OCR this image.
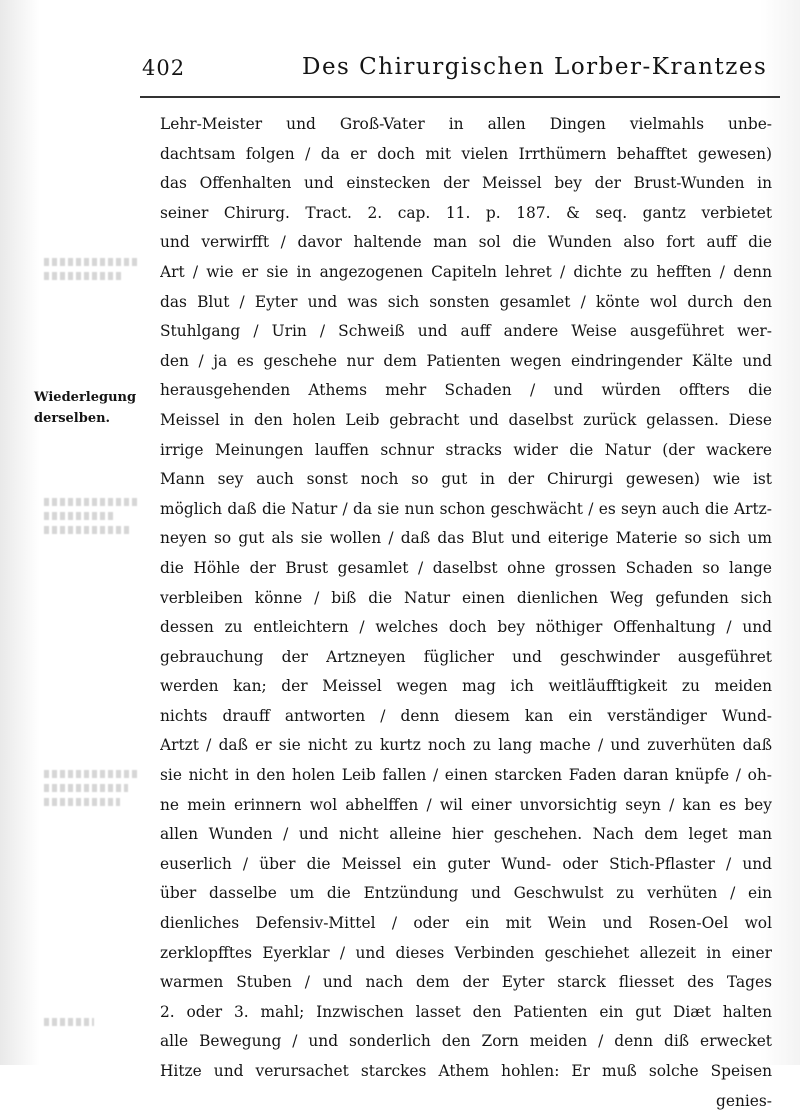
402	Des Chirurgischen Lorber-Krantzes
Wiederlegung
derselben.
Lehr-Meister und Groß-Vater in allen Dingen vielmahls unbe-
dachtsam folgen / da er doch mit vielen Irrthümern behafftet gewesen)
das Offenhalten und einstecken der Meissel bey der Brust-Wunden in
seiner Chirurg. Tract. 2. cap. 11. p. 187. & seq. gantz verbietet
und verwirfft / davor haltende man sol die Wunden also fort auff die
Art / wie er sie in angezogenen Capiteln lehret / dichte zu hefften / denn
das Blut / Eyter und was sich sonsten gesamlet / könte wol durch den
Stuhlgang / Urin / Schweiß und auff andere Weise ausgeführet wer-
den / ja es geschehe nur dem Patienten wegen eindringender Kälte und
herausgehenden Athems mehr Schaden / und würden offters die
Meissel in den holen Leib gebracht und daselbst zurück gelassen. Diese
irrige Meinungen lauffen schnur stracks wider die Natur (der wackere
Mann sey auch sonst noch so gut in der Chirurgi gewesen) wie ist
möglich daß die Natur / da sie nun schon geschwächt / es seyn auch die Artz-
neyen so gut als sie wollen / daß das Blut und eiterige Materie so sich um
die Höhle der Brust gesamlet / daselbst ohne grossen Schaden so lange
verbleiben könne / biß die Natur einen dienlichen Weg gefunden sich
dessen zu entleichtern / welches doch bey nöthiger Offenhaltung / und
gebrauchung der Artzneyen füglicher und geschwinder ausgeführet
werden kan; der Meissel wegen mag ich weitläufftigkeit zu meiden
nichts drauff antworten / denn diesem kan ein verständiger Wund-
Artzt / daß er sie nicht zu kurtz noch zu lang mache / und zuverhüten daß
sie nicht in den holen Leib fallen / einen starcken Faden daran knüpfe / oh-
ne mein erinnern wol abhelffen / wil einer unvorsichtig seyn / kan es bey
allen Wunden / und nicht alleine hier geschehen. Nach dem leget man
euserlich / über die Meissel ein guter Wund- oder Stich-Pflaster / und
über dasselbe um die Entzündung und Geschwulst zu verhüten / ein
dienliches Defensiv-Mittel / oder ein mit Wein und Rosen-Oel wol
zerklopfftes Eyerklar / und dieses Verbinden geschiehet allezeit in einer
warmen Stuben / und nach dem der Eyter starck fliesset des Tages
2. oder 3. mahl; Inzwischen lasset den Patienten ein gut Diæt halten
alle Bewegung / und sonderlich den Zorn meiden / denn diß erwecket
Hitze und verursachet starckes Athem hohlen: Er muß solche Speisen
genies-
